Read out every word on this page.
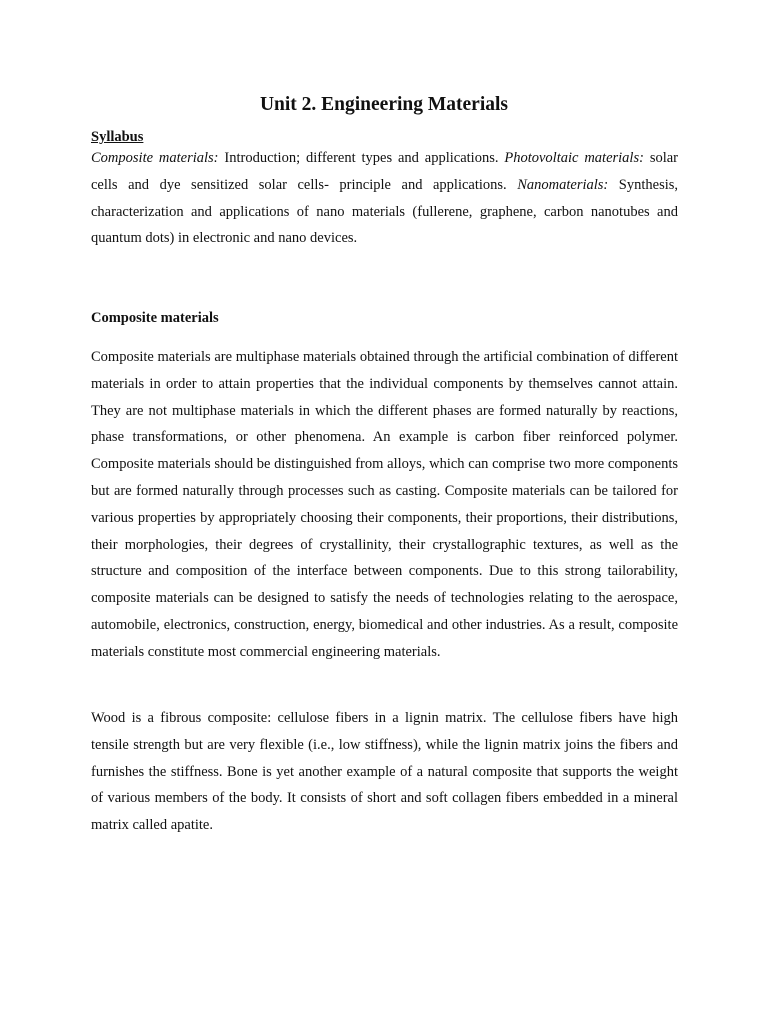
Unit 2. Engineering Materials
Syllabus

Composite materials: Introduction; different types and applications. Photovoltaic materials: solar cells and dye sensitized solar cells- principle and applications. Nanomaterials: Synthesis, characterization and applications of nano materials (fullerene, graphene, carbon nanotubes and quantum dots) in electronic and nano devices.

Composite materials

Composite materials are multiphase materials obtained through the artificial combination of different materials in order to attain properties that the individual components by themselves cannot attain. They are not multiphase materials in which the different phases are formed naturally by reactions, phase transformations, or other phenomena. An example is carbon fiber reinforced polymer. Composite materials should be distinguished from alloys, which can comprise two more components but are formed naturally through processes such as casting. Composite materials can be tailored for various properties by appropriately choosing their components, their proportions, their distributions, their morphologies, their degrees of crystallinity, their crystallographic textures, as well as the structure and composition of the interface between components. Due to this strong tailorability, composite materials can be designed to satisfy the needs of technologies relating to the aerospace, automobile, electronics, construction, energy, biomedical and other industries. As a result, composite materials constitute most commercial engineering materials.

Wood is a fibrous composite: cellulose fibers in a lignin matrix. The cellulose fibers have high tensile strength but are very flexible (i.e., low stiffness), while the lignin matrix joins the fibers and furnishes the stiffness. Bone is yet another example of a natural composite that supports the weight of various members of the body. It consists of short and soft collagen fibers embedded in a mineral matrix called apatite.
